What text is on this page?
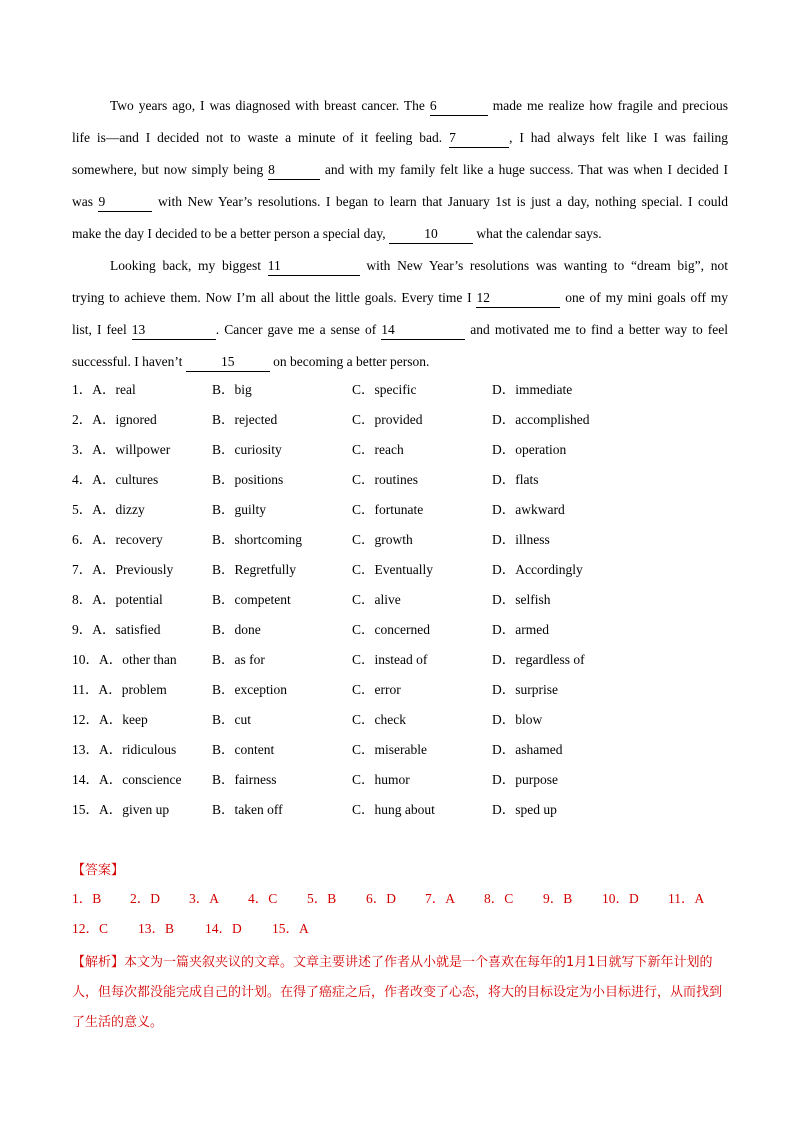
Two years ago, I was diagnosed with breast cancer. The 6	made me realize how fragile and precious
life is—and I decided not to waste a minute of it feeling bad. 7	, I had always felt like I was failing
somewhere, but now simply being 8	and with my family felt like a huge success. That was when I decided I
was 9	with New Year’s resolutions. I began to learn that January 1st is just a day, nothing special. I could
make the day I decided to be a better person a special day,	10	what the calendar says.
Looking back, my biggest 11	with New Year’s resolutions was wanting to “dream big”, not
trying to achieve them. Now I’m all about the little goals. Every time I 12	one of my mini goals off my
list, I feel 13	. Cancer gave me a sense of 14	and motivated me to find a better way to feel
successful. I haven’t	15	on becoming a better person.
1．A．real	B．big	C．specific	D．immediate
2．A．ignored	B．rejected	C．provided	D．accomplished
3．A．willpower	B．curiosity	C．reach	D．operation
4．A．cultures	B．positions	C．routines	D．flats
5．A．dizzy	B．guilty	C．fortunate	D．awkward
6．A．recovery	B．shortcoming	C．growth	D．illness
7．A．Previously	B．Regretfully	C．Eventually	D．Accordingly
8．A．potential	B．competent	C．alive	D．selfish
9．A．satisfied	B．done	C．concerned	D．armed
10．A．other than	B．as for	C．instead of	D．regardless of
11．A．problem	B．exception	C．error	D．surprise
12．A．keep	B．cut	C．check	D．blow
13．A．ridiculous	B．content	C．miserable	D．ashamed
14．A．conscience B．fairness	C．humor	D．purpose
15．A．given up	B．taken off	C．hung about	D．sped up
【答案】
1．B 2．D 3．A 4．C 5．B 6．D 7．A 8．C 9．B 10．D 11．A
12．C 13．B 14．D 15．A
【解析】本文为一篇夹叙夹议的文章。文章主要讲述了作者从小就是一个喜欢在每年的1月1日就写下新年计划的人，但每次都没能完成自己的计划。在得了癌症之后，作者改变了心态，将大的目标设定为小目标进行，从而找到了生活的意义。
